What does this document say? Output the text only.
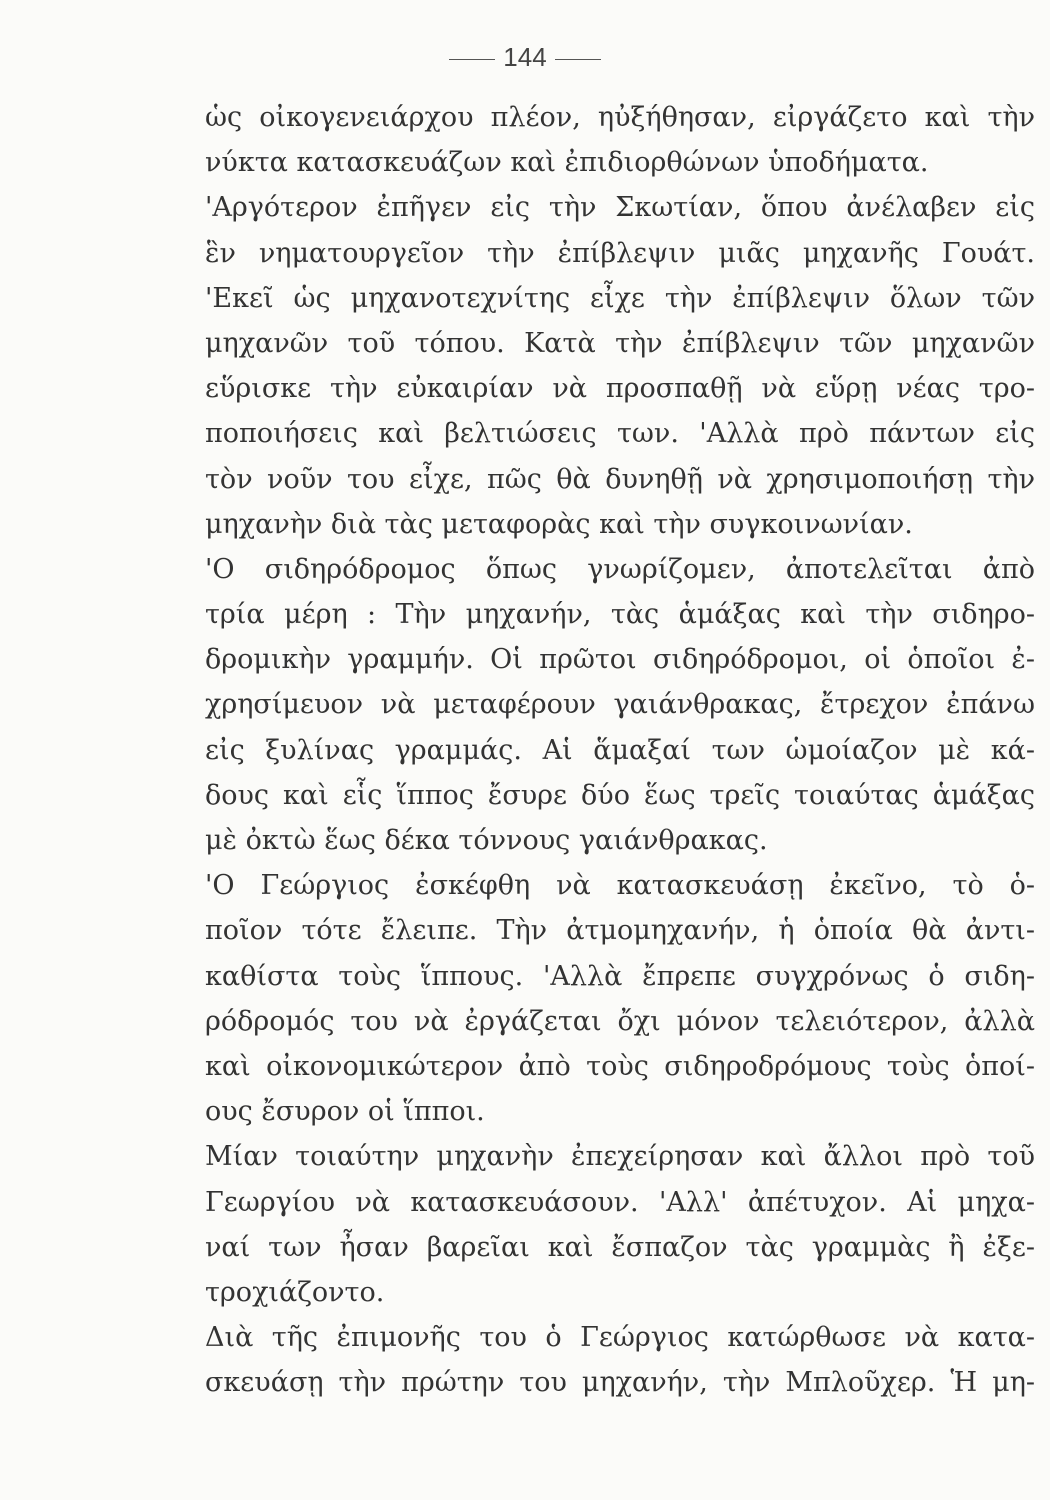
144
ὡς οἰκογενειάρχου πλέον, ηὐξήθησαν, εἰργάζετο καὶ τὴν
νύκτα κατασκευάζων καὶ ἐπιδιορθώνων ὑποδήματα.
'Αργότερον ἐπῆγεν εἰς τὴν Σκωτίαν, ὅπου ἀνέλαβεν εἰς
ἓν νηματουργεῖον τὴν ἐπίβλεψιν μιᾶς μηχανῆς Γουάτ.
'Εκεῖ ὡς μηχανοτεχνίτης εἶχε τὴν ἐπίβλεψιν ὅλων τῶν
μηχανῶν τοῦ τόπου. Κατὰ τὴν ἐπίβλεψιν τῶν μηχανῶν
εὕρισκε τὴν εὐκαιρίαν νὰ προσπαθῇ νὰ εὕρῃ νέας τρο-
ποποιήσεις καὶ βελτιώσεις των. 'Αλλὰ πρὸ πάντων εἰς
τὸν νοῦν του εἶχε, πῶς θὰ δυνηθῇ νὰ χρησιμοποιήσῃ τὴν
μηχανὴν διὰ τὰς μεταφορὰς καὶ τὴν συγκοινωνίαν.
'Ο σιδηρόδρομος ὅπως γνωρίζομεν, ἀποτελεῖται ἀπὸ
τρία μέρη : Τὴν μηχανήν, τὰς ἁμάξας καὶ τὴν σιδηρο-
δρομικὴν γραμμήν. Οἱ πρῶτοι σιδηρόδρομοι, οἱ ὁποῖοι ἐ-
χρησίμευον νὰ μεταφέρουν γαιάνθρακας, ἔτρεχον ἐπάνω
εἰς ξυλίνας γραμμάς. Αἱ ἅμαξαί των ὡμοίαζον μὲ κά-
δους καὶ εἷς ἵππος ἔσυρε δύο ἕως τρεῖς τοιαύτας ἁμάξας
μὲ ὀκτὼ ἕως δέκα τόννους γαιάνθρακας.
'Ο Γεώργιος ἐσκέφθη νὰ κατασκευάσῃ ἐκεῖνο, τὸ ὁ-
ποῖον τότε ἔλειπε. Τὴν ἀτμομηχανήν, ἡ ὁποία θὰ ἀντι-
καθίστα τοὺς ἵππους. 'Αλλὰ ἔπρεπε συγχρόνως ὁ σιδη-
ρόδρομός του νὰ ἐργάζεται ὄχι μόνον τελειότερον, ἀλλὰ
καὶ οἰκονομικώτερον ἀπὸ τοὺς σιδηροδρόμους τοὺς ὁποί-
ους ἔσυρον οἱ ἵπποι.
Μίαν τοιαύτην μηχανὴν ἐπεχείρησαν καὶ ἄλλοι πρὸ τοῦ
Γεωργίου νὰ κατασκευάσουν. 'Αλλ' ἀπέτυχον. Αἱ μηχα-
ναί των ἦσαν βαρεῖαι καὶ ἔσπαζον τὰς γραμμὰς ἢ ἐξε-
τροχιάζοντο.
Διὰ τῆς ἐπιμονῆς του ὁ Γεώργιος κατώρθωσε νὰ κατα-
σκευάσῃ τὴν πρώτην του μηχανήν, τὴν Μπλοῦχερ. Ἡ μη-
